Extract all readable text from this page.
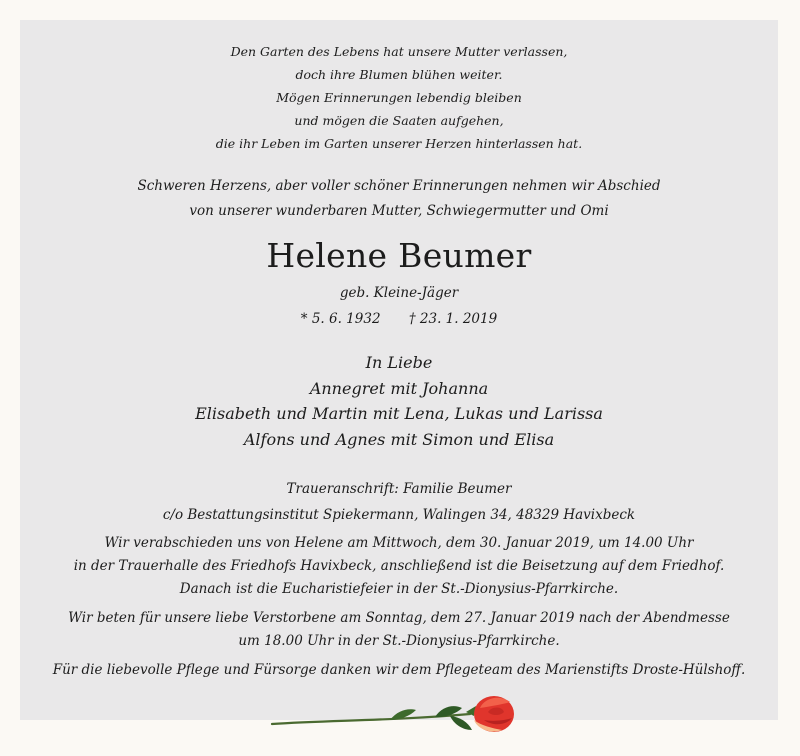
Den Garten des Lebens hat unsere Mutter verlassen,
doch ihre Blumen blühen weiter.
Mögen Erinnerungen lebendig bleiben
und mögen die Saaten aufgehen,
die ihr Leben im Garten unserer Herzen hinterlassen hat.
Schweren Herzens, aber voller schöner Erinnerungen nehmen wir Abschied
von unserer wunderbaren Mutter, Schwiegermutter und Omi
Helene Beumer
geb. Kleine-Jäger
* 5. 6. 1932 † 23. 1. 2019
In Liebe
Annegret mit Johanna
Elisabeth und Martin mit Lena, Lukas und Larissa
Alfons und Agnes mit Simon und Elisa
Traueranschrift: Familie Beumer
c/o Bestattungsinstitut Spiekermann, Walingen 34, 48329 Havixbeck
Wir verabschieden uns von Helene am Mittwoch, dem 30. Januar 2019, um 14.00 Uhr
in der Trauerhalle des Friedhofs Havixbeck, anschließend ist die Beisetzung auf dem Friedhof.
Danach ist die Eucharistiefeier in der St.-Dionysius-Pfarrkirche.
Wir beten für unsere liebe Verstorbene am Sonntag, dem 27. Januar 2019 nach der Abendmesse
um 18.00 Uhr in der St.-Dionysius-Pfarrkirche.
Für die liebevolle Pflege und Fürsorge danken wir dem Pflegeteam des Marienstifts Droste-Hülshoff.
